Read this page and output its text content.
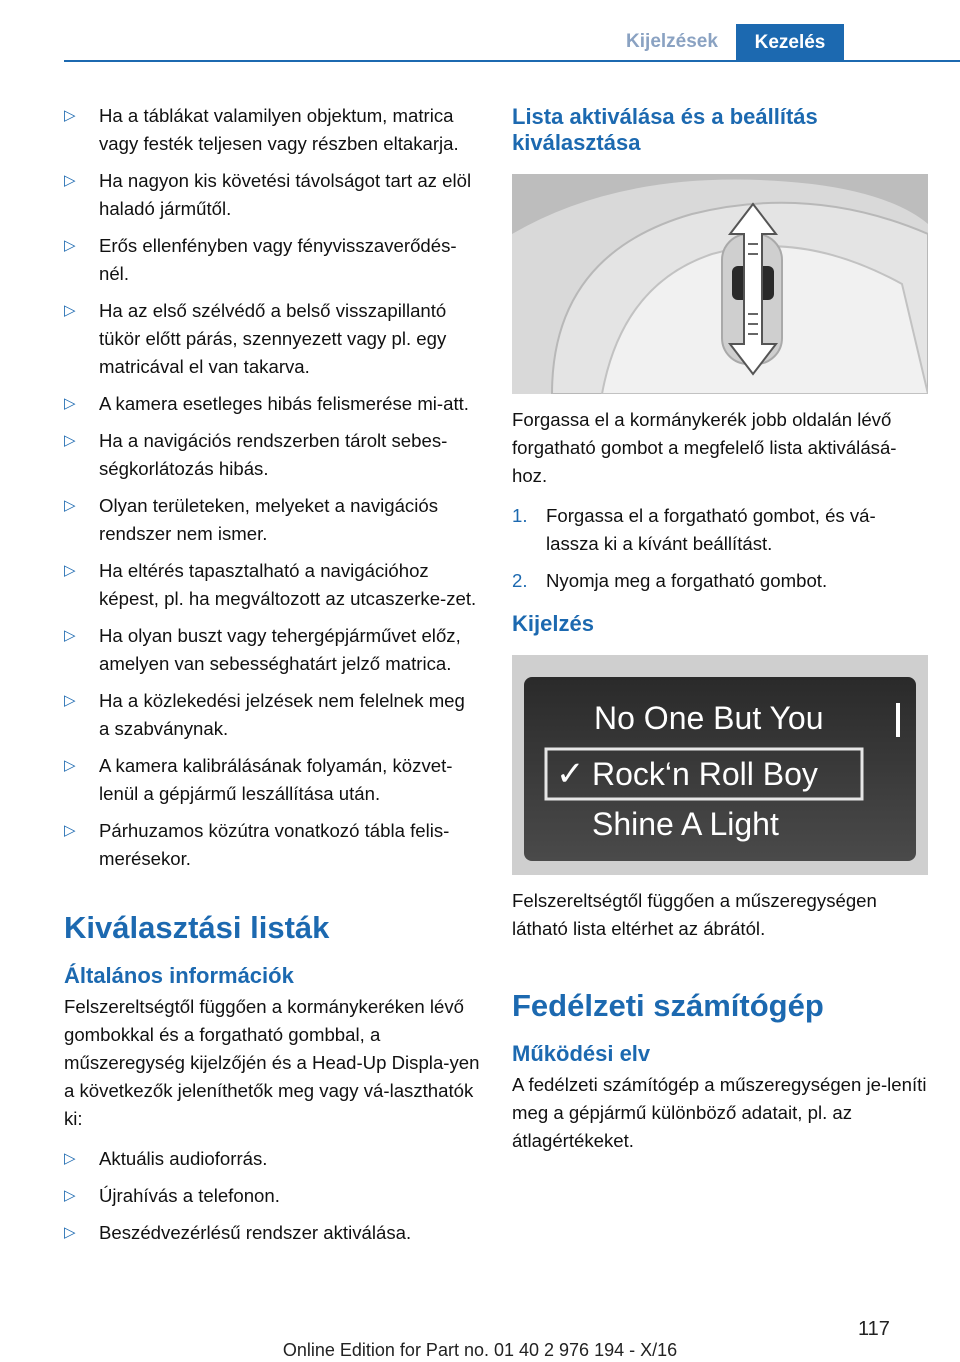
Kijelzések	Kezelés
▷ Ha a táblákat valamilyen objektum, matrica vagy festék teljesen vagy részben eltakarja.
▷ Ha nagyon kis követési távolságot tart az elöl haladó járműtől.
▷ Erős ellenfényben vagy fényvisszaverődés-nél.
▷ Ha az első szélvédő a belső visszapillantó tükör előtt párás, szennyezett vagy pl. egy matricával el van takarva.
▷ A kamera esetleges hibás felismerése mi-att.
▷ Ha a navigációs rendszerben tárolt sebes-ségkorlátozás hibás.
▷ Olyan területeken, melyeket a navigációs rendszer nem ismer.
▷ Ha eltérés tapasztalható a navigációhoz képest, pl. ha megváltozott az utcaszerke-zet.
▷ Ha olyan buszt vagy tehergépjárművet előz, amelyen van sebességhatárt jelző matrica.
▷ Ha a közlekedési jelzések nem felelnek meg a szabványnak.
▷ A kamera kalibrálásának folyamán, közvet-lenül a gépjármű leszállítása után.
▷ Párhuzamos közútra vonatkozó tábla felis-merésekor.
Kiválasztási listák
Általános információk

Felszereltségtől függően a kormánykeréken lévő gombokkal és a forgatható gombbal, a műszeregység kijelzőjén és a Head-Up Displa-yen a következők jeleníthetők meg vagy vá-laszthatók ki:

▷ Aktuális audioforrás.
▷ Újrahívás a telefonon.
▷ Beszédvezérlésű rendszer aktiválása.
Lista aktiválása és a beállítás kiválasztása

Forgassa el a kormánykerék jobb oldalán lévő forgatható gombot a megfelelő lista aktiválásá-hoz.

1. Forgassa el a forgatható gombot, és vá-lassza ki a kívánt beállítást.
2. Nyomja meg a forgatható gombot.
Kijelzés
No One But You
✓ Rock‘n Roll Boy
Shine A Light

Felszereltségtől függően a műszeregységen látható lista eltérhet az ábrától.

Fedélzeti számítógép
Működési elv

A fedélzeti számítógép a műszeregységen je-leníti meg a gépjármű különböző adatait, pl. az átlagértékeket.

117
Online Edition for Part no. 01 40 2 976 194 - X/16
